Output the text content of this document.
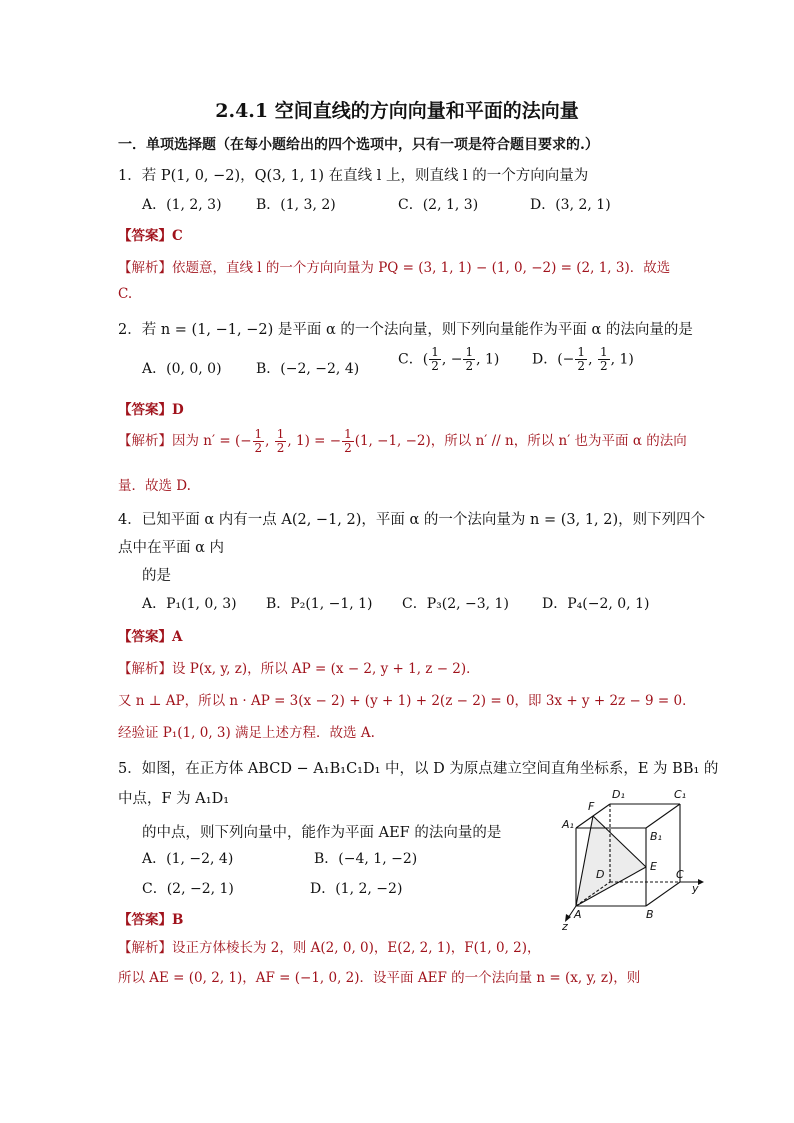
2.4.1 空间直线的方向向量和平面的法向量
一．单项选择题（在每小题给出的四个选项中，只有一项是符合题目要求的.）
1．若 P(1, 0, −2)，Q(3, 1, 1) 在直线 l 上，则直线 l 的一个方向向量为
A．(1, 2, 3) B．(1, 3, 2)	C．(2, 1, 3)	D．(3, 2, 1)
【答案】C
【解析】依题意，直线 l 的一个方向向量为 PQ = (3, 1, 1) − (1, 0, −2) = (2, 1, 3)．故选
C.
2．若 n = (1, −1, −2) 是平面 α 的一个法向量，则下列向量能作为平面 α 的法向量的是
A．(0, 0, 0) B．(−2, −2, 4)
C．( $\frac{1}{2}$ , − $\frac{1}{2}$ , 1) D．(− $\frac{1}{2}$ , $\frac{1}{2}$ , 1)
【答案】D
【解析】因为 n′ = (− $\frac{1}{2}$ , $\frac{1}{2}$ , 1) = − $\frac{1}{2} (1$, −1, −2)，所以 n′ // n，所以 n′ 也为平面 α 的法向
量．故选 D.
4．已知平面 α 内有一点 A(2, −1, 2)，平面 α 的一个法向量为 n = (3, 1, 2)，则下列四个
点中在平面 α 内
的是
A．P₁(1, 0, 3) B．P₂(1, −1, 1) C．P₃(2, −3, 1) D．P₄(−2, 0, 1)
【答案】A
【解析】设 P(x, y, z)，所以 AP = (x − 2, y + 1, z − 2)．
又 n ⊥ AP，所以 n · AP = 3(x − 2) + (y + 1) + 2(z − 2) = 0，即 3x + y + 2z − 9 = 0．
经验证 P₁(1, 0, 3) 满足上述方程．故选 A.
5．如图，在正方体 ABCD − A₁B₁C₁D₁ 中，以 D 为原点建立空间直角坐标系，E 为 BB₁ 的
中点，F 为 A₁D₁
的中点，则下列向量中，能作为平面 AEF 的法向量的是
A．(1, −2, 4)	B．(−4, 1, −2)
C．(2, −2, 1)	D．(1, 2, −2)
【答案】B
【解析】设正方体棱长为 2，则 A(2, 0, 0)，E(2, 2, 1)，F(1, 0, 2)，
所以 AE = (0, 2, 1)，AF = (−1, 0, 2)．设平面 AEF 的一个法向量 n = (x, y, z)，则
F
D₁	C₁
A₁
B₁
E
D	C
y
A	B
z
